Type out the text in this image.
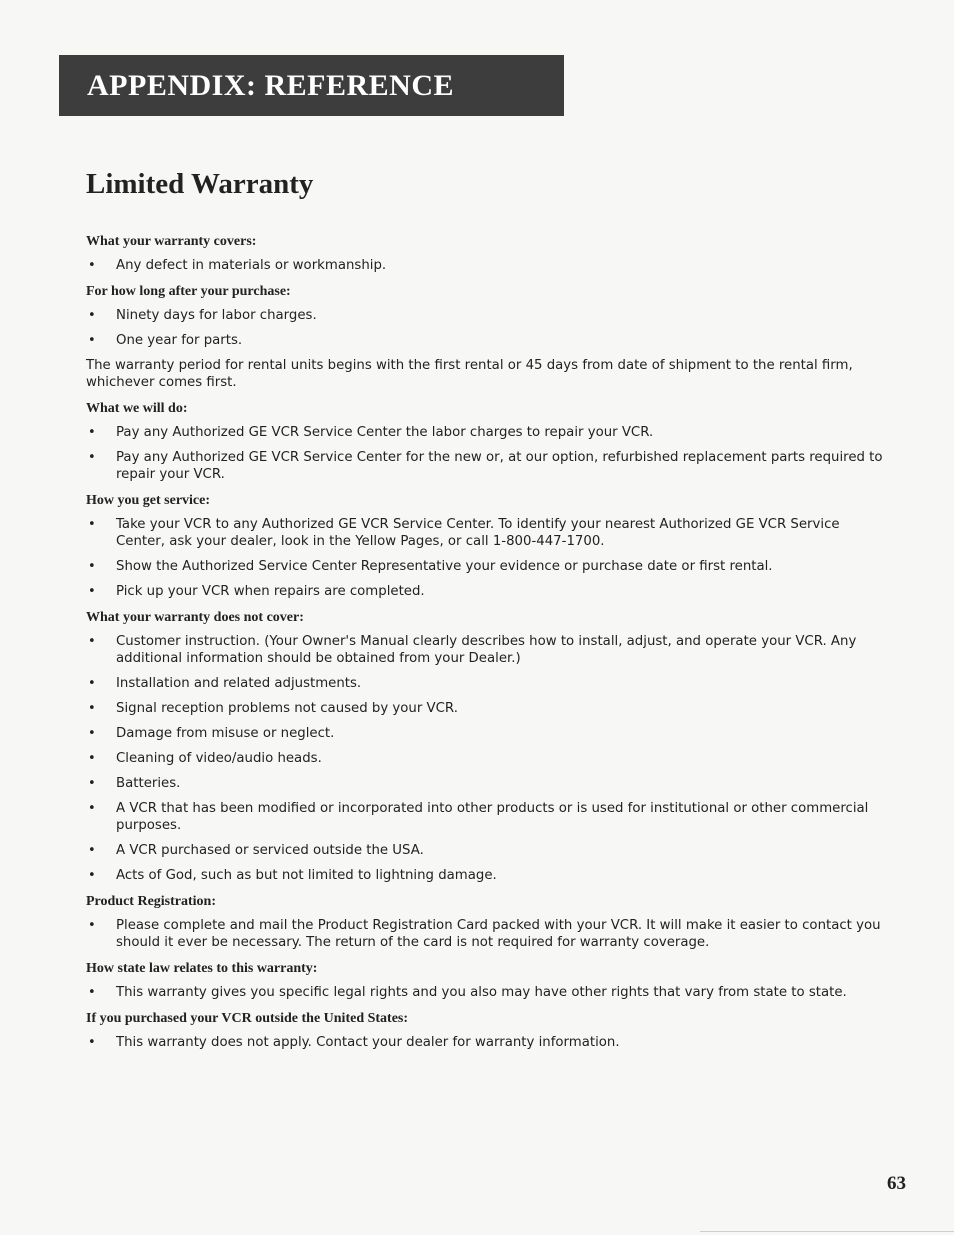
APPENDIX: REFERENCE
Limited Warranty
What your warranty covers:
• Any defect in materials or workmanship.
For how long after your purchase:
• Ninety days for labor charges.
• One year for parts.

The warranty period for rental units begins with the first rental or 45 days from date of shipment to the rental firm, whichever comes first.

What we will do:
• Pay any Authorized GE VCR Service Center the labor charges to repair your VCR.
• Pay any Authorized GE VCR Service Center for the new or, at our option, refurbished replacement parts required to repair your VCR.
How you get service:
• Take your VCR to any Authorized GE VCR Service Center. To identify your nearest Authorized GE VCR Service Center, ask your dealer, look in the Yellow Pages, or call 1-800-447-1700.
• Show the Authorized Service Center Representative your evidence or purchase date or first rental.
• Pick up your VCR when repairs are completed.
What your warranty does not cover:
• Customer instruction. (Your Owner's Manual clearly describes how to install, adjust, and operate your VCR. Any additional information should be obtained from your Dealer.)
• Installation and related adjustments.
• Signal reception problems not caused by your VCR.
• Damage from misuse or neglect.
• Cleaning of video/audio heads.
• Batteries.
• A VCR that has been modified or incorporated into other products or is used for institutional or other commercial purposes.
• A VCR purchased or serviced outside the USA.
• Acts of God, such as but not limited to lightning damage.
Product Registration:
• Please complete and mail the Product Registration Card packed with your VCR. It will make it easier to contact you should it ever be necessary. The return of the card is not required for warranty coverage.
How state law relates to this warranty:
• This warranty gives you specific legal rights and you also may have other rights that vary from state to state.
If you purchased your VCR outside the United States:
• This warranty does not apply. Contact your dealer for warranty information.
63
